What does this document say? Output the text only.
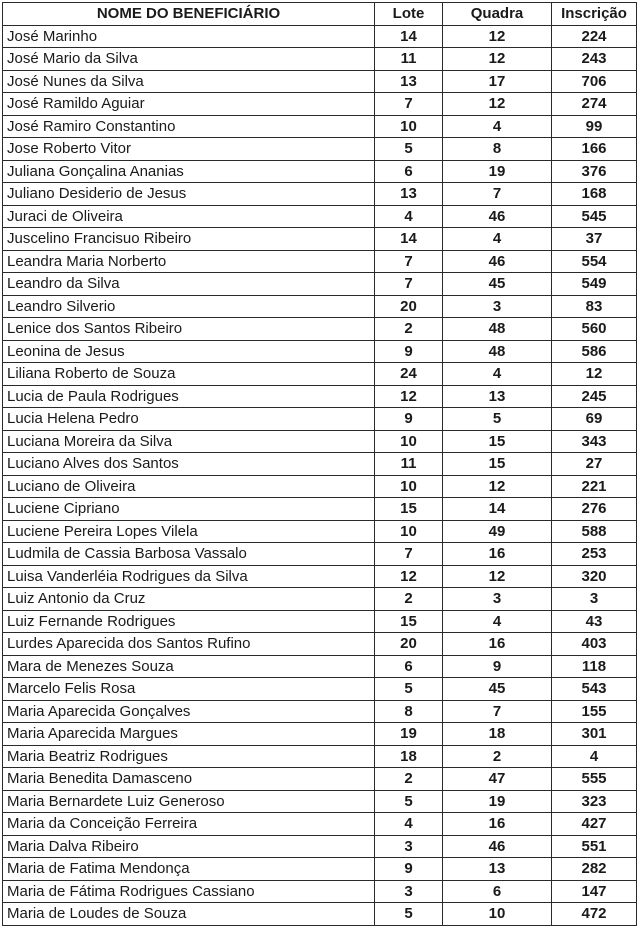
NOME DO BENEFICIÁRIO	Lote	Quadra	Inscrição
José Marinho	14	12	224
José Mario da Silva	11	12	243
José Nunes da Silva	13	17	706
José Ramildo Aguiar	7	12	274
José Ramiro Constantino	10	4	99
Jose Roberto Vitor	5	8	166
Juliana Gonçalina Ananias	6	19	376
Juliano Desiderio de Jesus	13	7	168
Juraci de Oliveira	4	46	545
Juscelino Francisuo Ribeiro	14	4	37
Leandra Maria Norberto	7	46	554
Leandro da Silva	7	45	549
Leandro Silverio	20	3	83
Lenice dos Santos Ribeiro	2	48	560
Leonina de Jesus	9	48	586
Liliana Roberto de Souza	24	4	12
Lucia de Paula Rodrigues	12	13	245
Lucia Helena Pedro	9	5	69
Luciana Moreira da Silva	10	15	343
Luciano Alves dos Santos	11	15	27
Luciano de Oliveira	10	12	221
Luciene Cipriano	15	14	276
Luciene Pereira Lopes Vilela	10	49	588
Ludmila de Cassia Barbosa Vassalo	7	16	253
Luisa Vanderléia Rodrigues da Silva	12	12	320
Luiz Antonio da Cruz	2	3	3
Luiz Fernande Rodrigues	15	4	43
Lurdes Aparecida dos Santos Rufino	20	16	403
Mara de Menezes Souza	6	9	118
Marcelo Felis Rosa	5	45	543
Maria Aparecida Gonçalves	8	7	155
Maria Aparecida Margues	19	18	301
Maria Beatriz Rodrigues	18	2	4
Maria Benedita Damasceno	2	47	555
Maria Bernardete Luiz Generoso	5	19	323
Maria da Conceição Ferreira	4	16	427
Maria Dalva Ribeiro	3	46	551
Maria de Fatima Mendonça	9	13	282
Maria de Fátima Rodrigues Cassiano	3	6	147
Maria de Loudes de Souza	5	10	472
